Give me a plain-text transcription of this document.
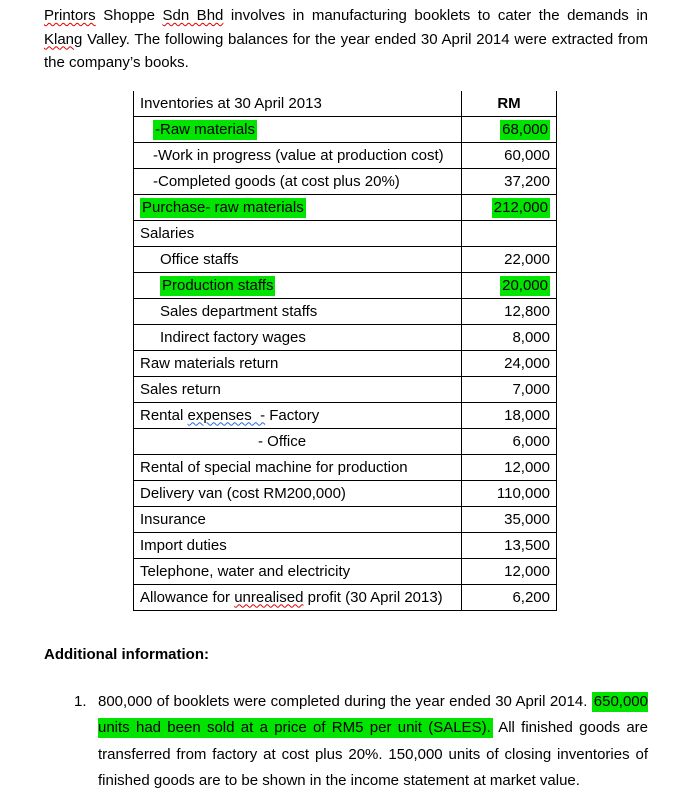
Printors Shoppe Sdn Bhd involves in manufacturing booklets to cater the demands in Klang Valley. The following balances for the year ended 30 April 2014 were extracted from the company’s books.

Inventories at 30 April 2013	RM
-Raw materials	68,000
-Work in progress (value at production cost)	60,000
-Completed goods (at cost plus 20%)	37,200
Purchase- raw materials	212,000
Salaries
Office staffs	22,000
Production staffs	20,000
Sales department staffs	12,800
Indirect factory wages	8,000
Raw materials return	24,000
Sales return	7,000
Rental expenses  - Factory	18,000
- Office	6,000
Rental of special machine for production	12,000
Delivery van (cost RM200,000)	110,000
Insurance	35,000
Import duties	13,500
Telephone, water and electricity	12,000
Allowance for unrealised profit (30 April 2013)	6,200
Additional information:
1. 800,000 of booklets were completed during the year ended 30 April 2014. 650,000 units had been sold at a price of RM5 per unit (SALES). All finished goods are transferred from factory at cost plus 20%. 150,000 units of closing inventories of finished goods are to be shown in the income statement at market value.
